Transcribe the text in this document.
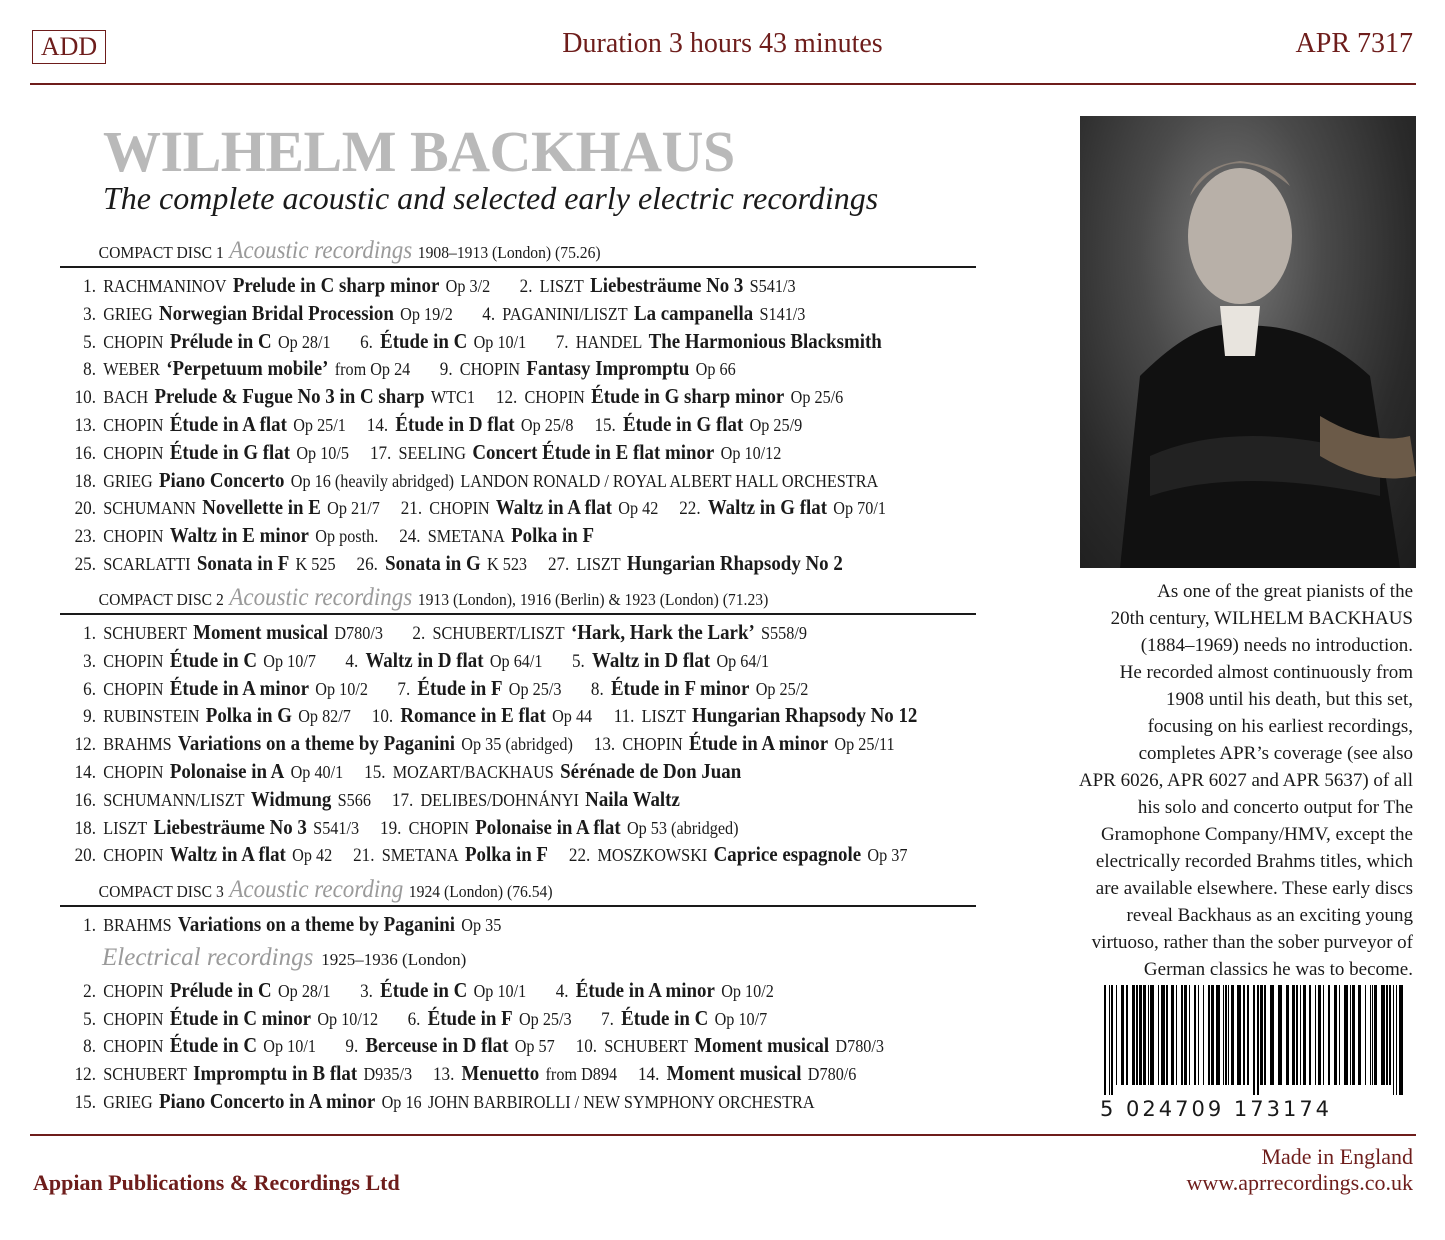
ADD	Duration 3 hours 43 minutes	APR 7317
WILHELM BACKHAUS
The complete acoustic and selected early electric recordings
COMPACT DISC 1 Acoustic recordings 1908–1913 (London) (75.26)
1. RACHMANINOV Prelude in C sharp minor Op 3/2 2. LISZT Liebesträume No 3 S541/3
3. GRIEG Norwegian Bridal Procession Op 19/2 4. PAGANINI/LISZT La campanella S141/3
5. CHOPIN Prélude in C Op 28/1 6. Étude in C Op 10/1 7. HANDEL The Harmonious Blacksmith
8. WEBER ‘Perpetuum mobile’ from Op 24 9. CHOPIN Fantasy Impromptu Op 66
10. BACH Prelude & Fugue No 3 in C sharp WTC1 12. CHOPIN Étude in G sharp minor Op 25/6
13. CHOPIN Étude in A flat Op 25/1 14. Étude in D flat Op 25/8 15. Étude in G flat Op 25/9
16. CHOPIN Étude in G flat Op 10/5 17. SEELING Concert Étude in E flat minor Op 10/12
18. GRIEG Piano Concerto Op 16 (heavily abridged) LANDON RONALD / ROYAL ALBERT HALL ORCHESTRA
20. SCHUMANN Novellette in E Op 21/7 21. CHOPIN Waltz in A flat Op 42 22. Waltz in G flat Op 70/1
23. CHOPIN Waltz in E minor Op posth. 24. SMETANA Polka in F
25. SCARLATTI Sonata in F K 525 26. Sonata in G K 523 27. LISZT Hungarian Rhapsody No 2
COMPACT DISC 2 Acoustic recordings 1913 (London), 1916 (Berlin) & 1923 (London) (71.23)
1. SCHUBERT Moment musical D780/3 2. SCHUBERT/LISZT ‘Hark, Hark the Lark’ S558/9
3. CHOPIN Étude in C Op 10/7 4. Waltz in D flat Op 64/1 5. Waltz in D flat Op 64/1
6. CHOPIN Étude in A minor Op 10/2 7. Étude in F Op 25/3 8. Étude in F minor Op 25/2
9. RUBINSTEIN Polka in G Op 82/7 10. Romance in E flat Op 44 11. LISZT Hungarian Rhapsody No 12
12. BRAHMS Variations on a theme by Paganini Op 35 (abridged) 13. CHOPIN Étude in A minor Op 25/11
14. CHOPIN Polonaise in A Op 40/1 15. MOZART/BACKHAUS Sérénade de Don Juan
16. SCHUMANN/LISZT Widmung S566 17. DELIBES/DOHNÁNYI Naila Waltz
18. LISZT Liebesträume No 3 S541/3 19. CHOPIN Polonaise in A flat Op 53 (abridged)
20. CHOPIN Waltz in A flat Op 42 21. SMETANA Polka in F 22. MOSZKOWSKI Caprice espagnole Op 37
COMPACT DISC 3 Acoustic recording 1924 (London) (76.54)
1. BRAHMS Variations on a theme by Paganini Op 35
Electrical recordings 1925–1936 (London)
2. CHOPIN Prélude in C Op 28/1 3. Étude in C Op 10/1 4. Étude in A minor Op 10/2
5. CHOPIN Étude in C minor Op 10/12 6. Étude in F Op 25/3 7. Étude in C Op 10/7
8. CHOPIN Étude in C Op 10/1 9. Berceuse in D flat Op 57 10. SCHUBERT Moment musical D780/3
12. SCHUBERT Impromptu in B flat D935/3 13. Menuetto from D894 14. Moment musical D780/6
15. GRIEG Piano Concerto in A minor Op 16 JOHN BARBIROLLI / NEW SYMPHONY ORCHESTRA
As one of the great pianists of the
20th century, WILHELM BACKHAUS
(1884–1969) needs no introduction.
He recorded almost continuously from
1908 until his death, but this set,
focusing on his earliest recordings,
completes APR’s coverage (see also
APR 6026, APR 6027 and APR 5637) of all
his solo and concerto output for The
Gramophone Company/HMV, except the
electrically recorded Brahms titles, which
are available elsewhere. These early discs
reveal Backhaus as an exciting young
virtuoso, rather than the sober purveyor of
German classics he was to become.
5 024709 173174
Appian Publications & Recordings Ltd
Made in England
www.aprrecordings.co.uk
